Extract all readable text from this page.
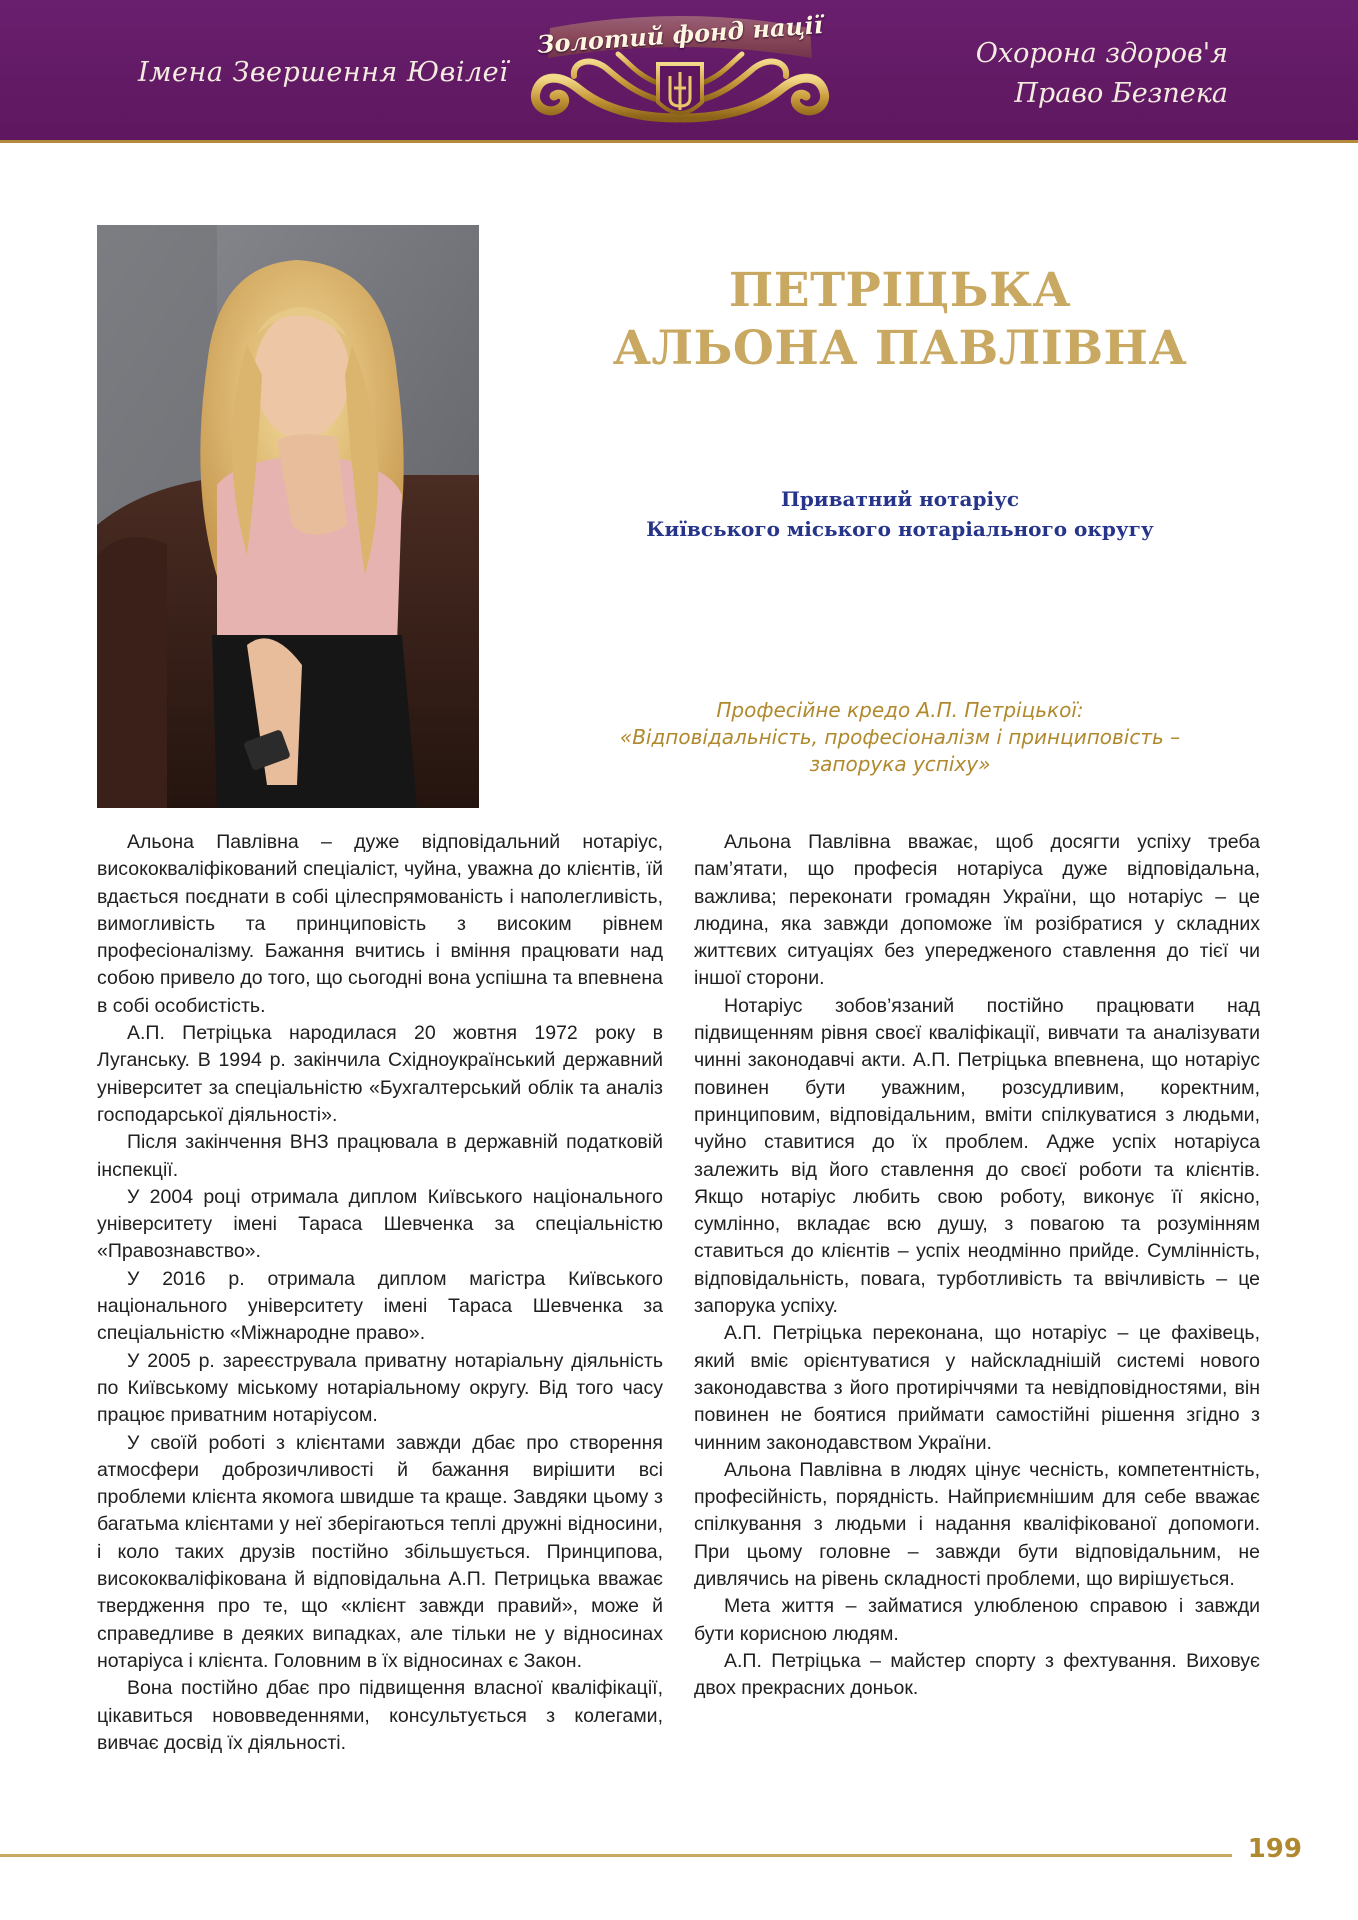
Імена Звершення Ювілеї
Золотий фонд нації	Охорона здоров'я
Право Безпека
ПЕТРІЦЬКА
АЛЬОНА ПАВЛІВНА
Приватний нотаріус
Київського міського нотаріального округу
Професійне кредо А.П. Петріцької:
«Відповідальність, професіоналізм і принциповість –
запорука успіху»

Альона Павлівна – дуже відповідальний нотаріус, висококваліфікований спеціаліст, чуйна, уважна до клієнтів, їй вдається поєднати в собі цілеспрямованість і наполегливість, вимогливість та принциповість з високим рівнем професіоналізму. Бажання вчитись і вміння працювати над собою привело до того, що сьогодні вона успішна та впевнена в собі особистість.

А.П. Петріцька народилася 20 жовтня 1972 року в Луганську. В 1994 р. закінчила Східноукраїнський державний університет за спеціальністю «Бухгалтерський облік та аналіз господарської діяльності».

Після закінчення ВНЗ працювала в державній податковій інспекції.

У 2004 році отримала диплом Київського національного університету імені Тараса Шевченка за спеціальністю «Правознавство».

У 2016 р. отримала диплом магістра Київського національного університету імені Тараса Шевченка за спеціальністю «Міжнародне право».

У 2005 р. зареєструвала приватну нотаріальну діяльність по Київському міському нотаріальному округу. Від того часу працює приватним нотаріусом.

У своїй роботі з клієнтами завжди дбає про створення атмосфери доброзичливості й бажання вирішити всі проблеми клієнта якомога швидше та краще. Завдяки цьому з багатьма клієнтами у неї зберігаються теплі дружні відносини, і коло таких друзів постійно збільшується. Принципова, висококваліфікована й відповідальна А.П. Петрицька вважає твердження про те, що «клієнт завжди правий», може й справедливе в деяких випадках, але тільки не у відносинах нотаріуса і клієнта. Головним в їх відносинах є Закон.

Вона постійно дбає про підвищення власної кваліфікації, цікавиться нововведеннями, консультується з колегами, вивчає досвід їх діяльності.

Альона Павлівна вважає, щоб досягти успіху треба пам’ятати, що професія нотаріуса дуже відповідальна, важлива; переконати громадян України, що нотаріус – це людина, яка завжди допоможе їм розібратися у складних життєвих ситуаціях без упередженого ставлення до тієї чи іншої сторони.

Нотаріус зобов’язаний постійно працювати над підвищенням рівня своєї кваліфікації, вивчати та аналізувати чинні законодавчі акти. А.П. Петріцька впевнена, що нотаріус повинен бути уважним, розсудливим, коректним, принциповим, відповідальним, вміти спілкуватися з людьми, чуйно ставитися до їх проблем. Адже успіх нотаріуса залежить від його ставлення до своєї роботи та клієнтів. Якщо нотаріус любить свою роботу, виконує її якісно, сумлінно, вкладає всю душу, з повагою та розумінням ставиться до клієнтів – успіх неодмінно прийде. Сумлінність, відповідальність, повага, турботливість та ввічливість – це запорука успіху.

А.П. Петріцька переконана, що нотаріус – це фахівець, який вміє орієнтуватися у найскладнішій системі нового законодавства з його протиріччями та невідповідностями, він повинен не боятися приймати самостійні рішення згідно з чинним законодавством України.

Альона Павлівна в людях цінує чесність, компетентність, професійність, порядність. Найприємнішим для себе вважає спілкування з людьми і надання кваліфікованої допомоги. При цьому головне – завжди бути відповідальним, не дивлячись на рівень складності проблеми, що вирішується.

Мета життя – займатися улюбленою справою і завжди бути корисною людям.

А.П. Петріцька – майстер спорту з фехтування. Виховує двох прекрасних доньок.

199
